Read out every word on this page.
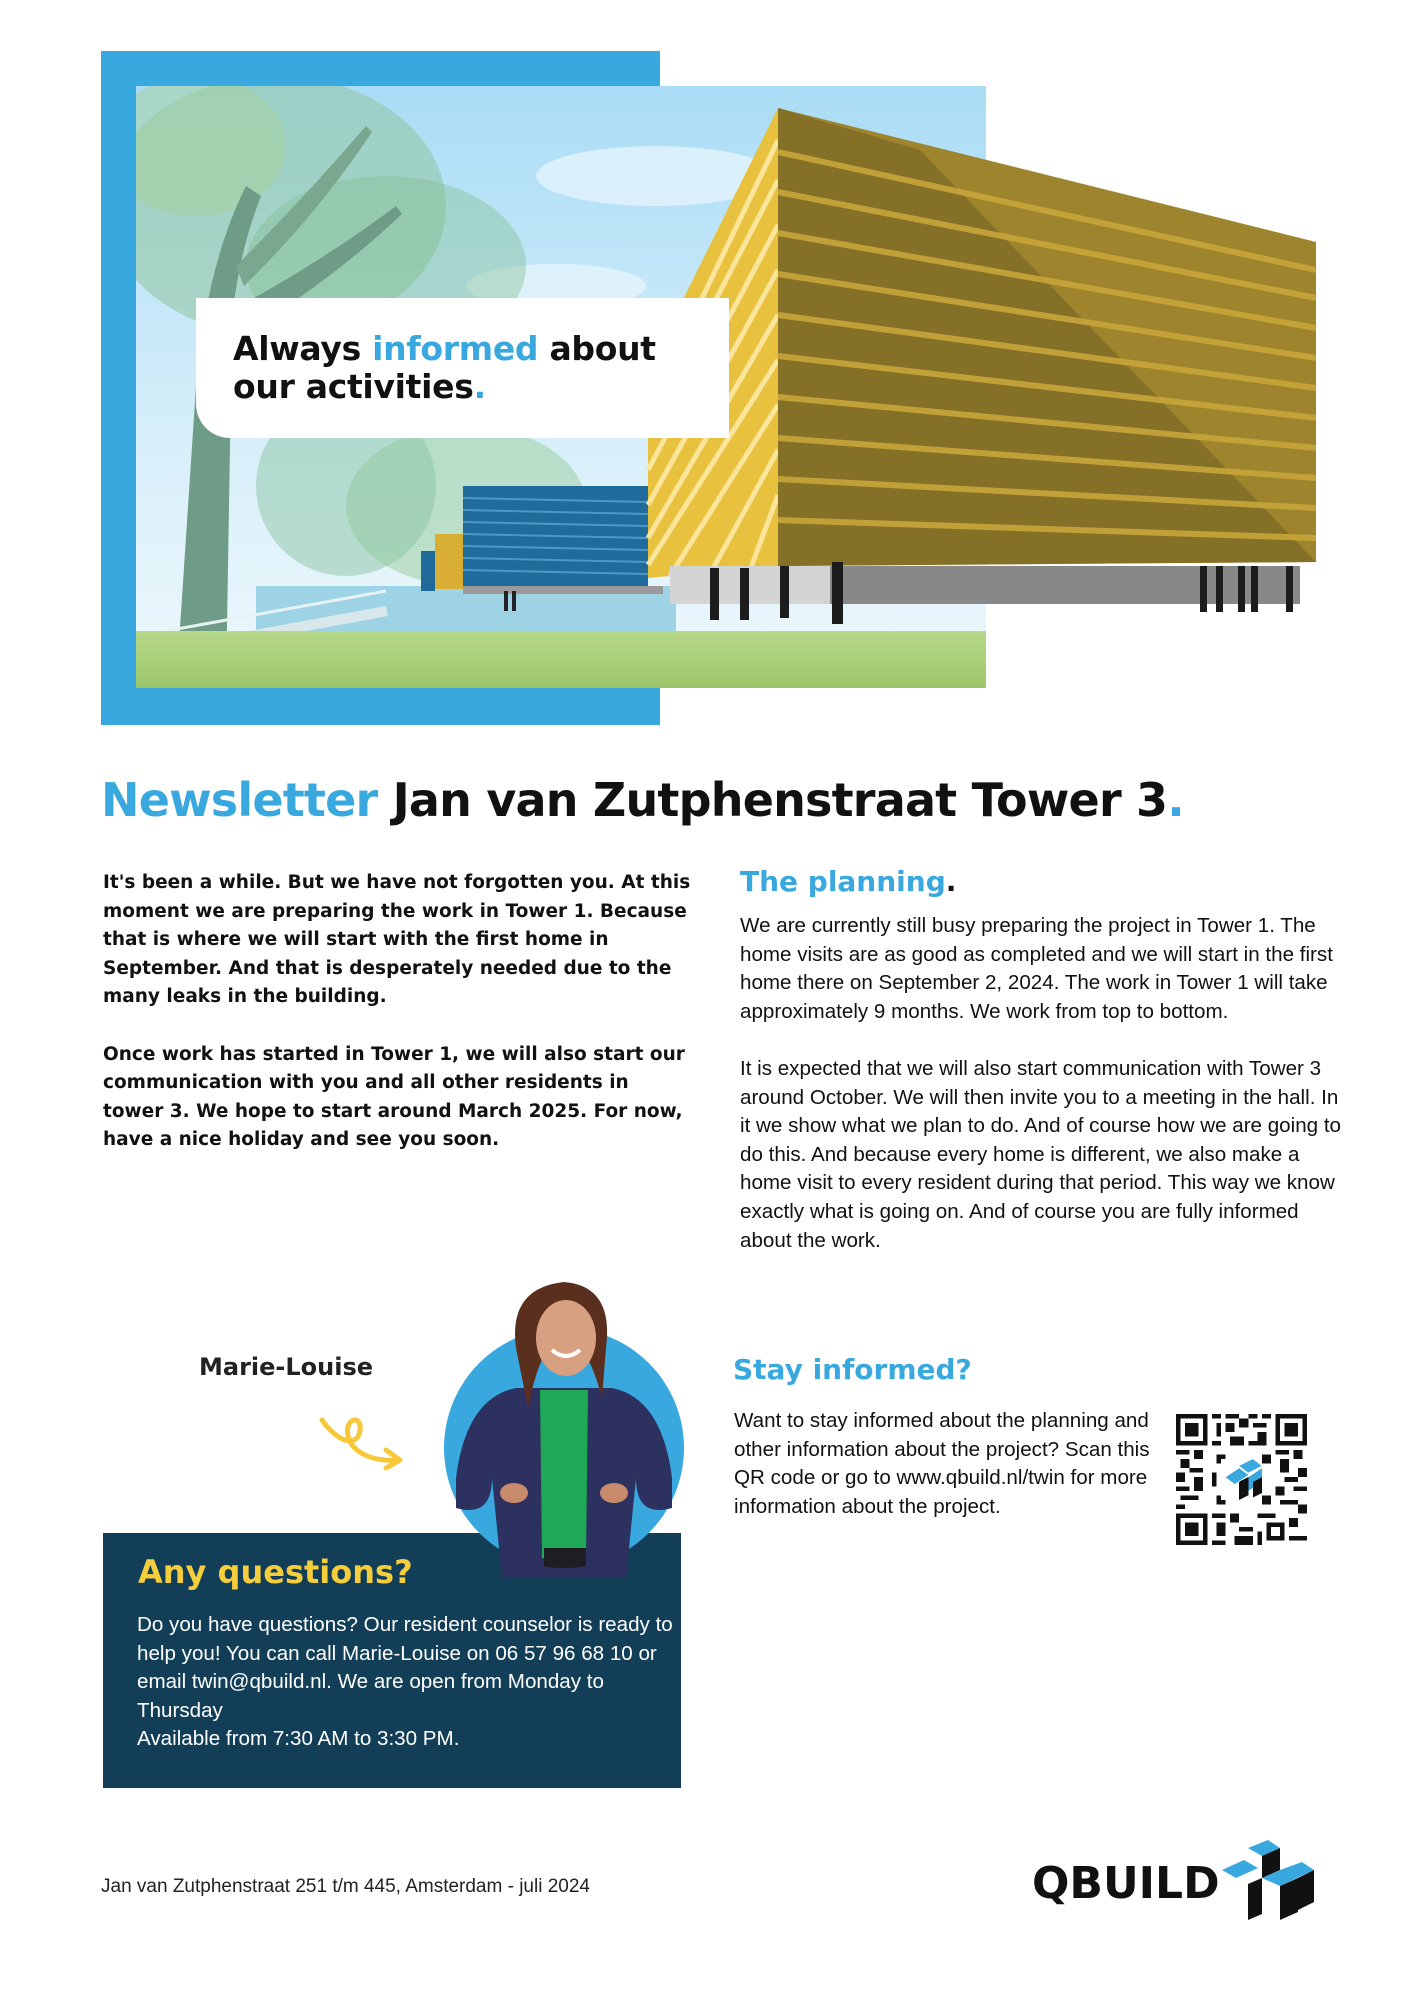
Always informed about
our activities.
Newsletter Jan van Zutphenstraat Tower 3.

It's been a while. But we have not forgotten you. At this moment we are preparing the work in Tower 1. Because that is where we will start with the first home in September. And that is desperately needed due to the many leaks in the building.

Once work has started in Tower 1, we will also start our communication with you and all other residents in tower 3. We hope to start around March 2025. For now, have a nice holiday and see you soon.

The planning.

We are currently still busy preparing the project in Tower 1. The home visits are as good as completed and we will start in the first home there on September 2, 2024. The work in Tower 1 will take approximately 9 months. We work from top to bottom.

It is expected that we will also start communication with Tower 3 around October. We will then invite you to a meeting in the hall. In it we show what we plan to do. And of course how we are going to do this. And because every home is different, we also make a home visit to every resident during that period. This way we know exactly what is going on. And of course you are fully informed about the work.

Stay informed?
Want to stay informed about the planning and other information about the project? Scan this QR code or go to www.qbuild.nl/twin for more information about the project.
Marie-Louise
Any questions?
Do you have questions? Our resident counselor is ready to help you! You can call Marie-Louise on 06 57 96 68 10 or email twin@qbuild.nl. We are open from Monday to Thursday
Available from 7:30 AM to 3:30 PM.
Jan van Zutphenstraat 251 t/m 445, Amsterdam - juli 2024	QBUILD
